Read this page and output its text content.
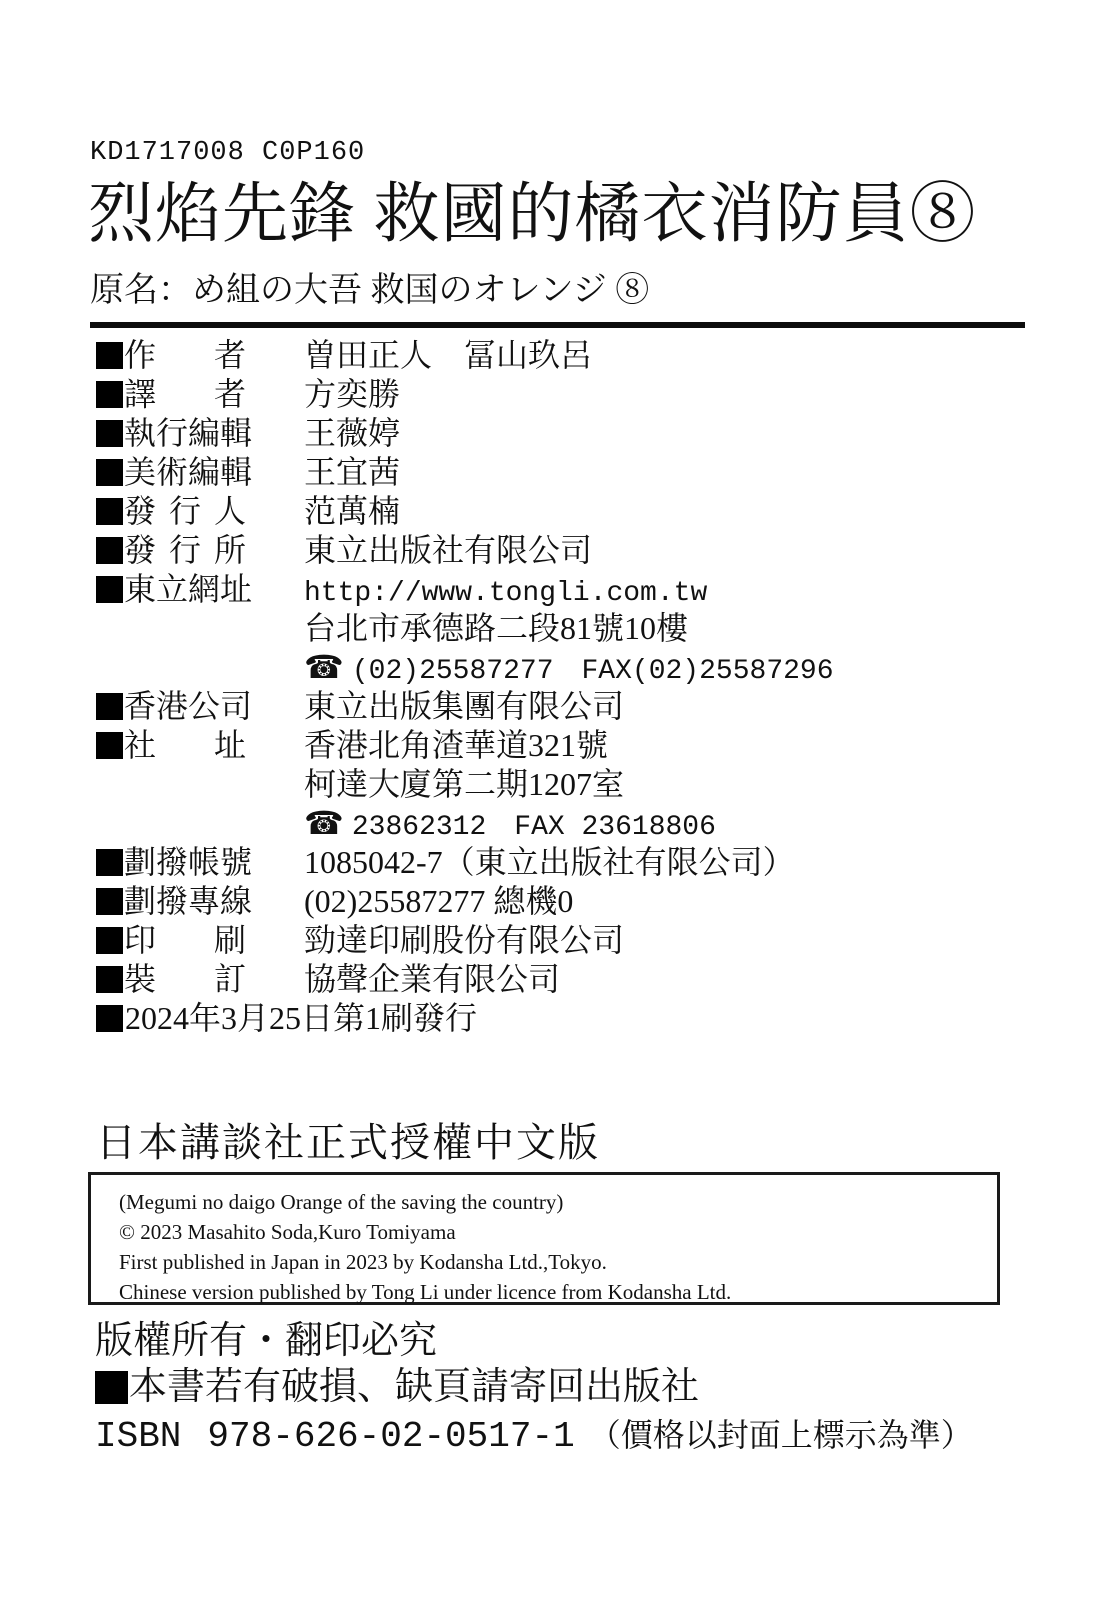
KD1717008 C0P160
烈焰先鋒 救國的橘衣消防員⑧
原名：め組の大吾 救国のオレンジ ⑧
作者 曽田正人　冨山玖呂
譯者 方奕勝
執行編輯 王薇婷
美術編輯 王宜茜
發行人 范萬楠
發行所 東立出版社有限公司
東立網址 http://www.tongli.com.tw
台北市承德路二段81號10樓
☎ (02)25587277　FAX(02)25587296
香港公司 東立出版集團有限公司
社址 香港北角渣華道321號
柯達大廈第二期1207室
☎ 23862312　FAX 23618806
劃撥帳號 1085042-7（東立出版社有限公司）
劃撥專線 (02)25587277 總機0
印刷 勁達印刷股份有限公司
裝訂 協聲企業有限公司
2024年3月25日第1刷發行
日本講談社正式授權中文版
(Megumi no daigo Orange of the saving the country)
© 2023 Masahito Soda,Kuro Tomiyama
First published in Japan in 2023 by Kodansha Ltd.,Tokyo.
Chinese version published by Tong Li under licence from Kodansha Ltd.
版權所有・翻印必究
本書若有破損、缺頁請寄回出版社
ISBN 978-626-02-0517-1 （價格以封面上標示為準）
